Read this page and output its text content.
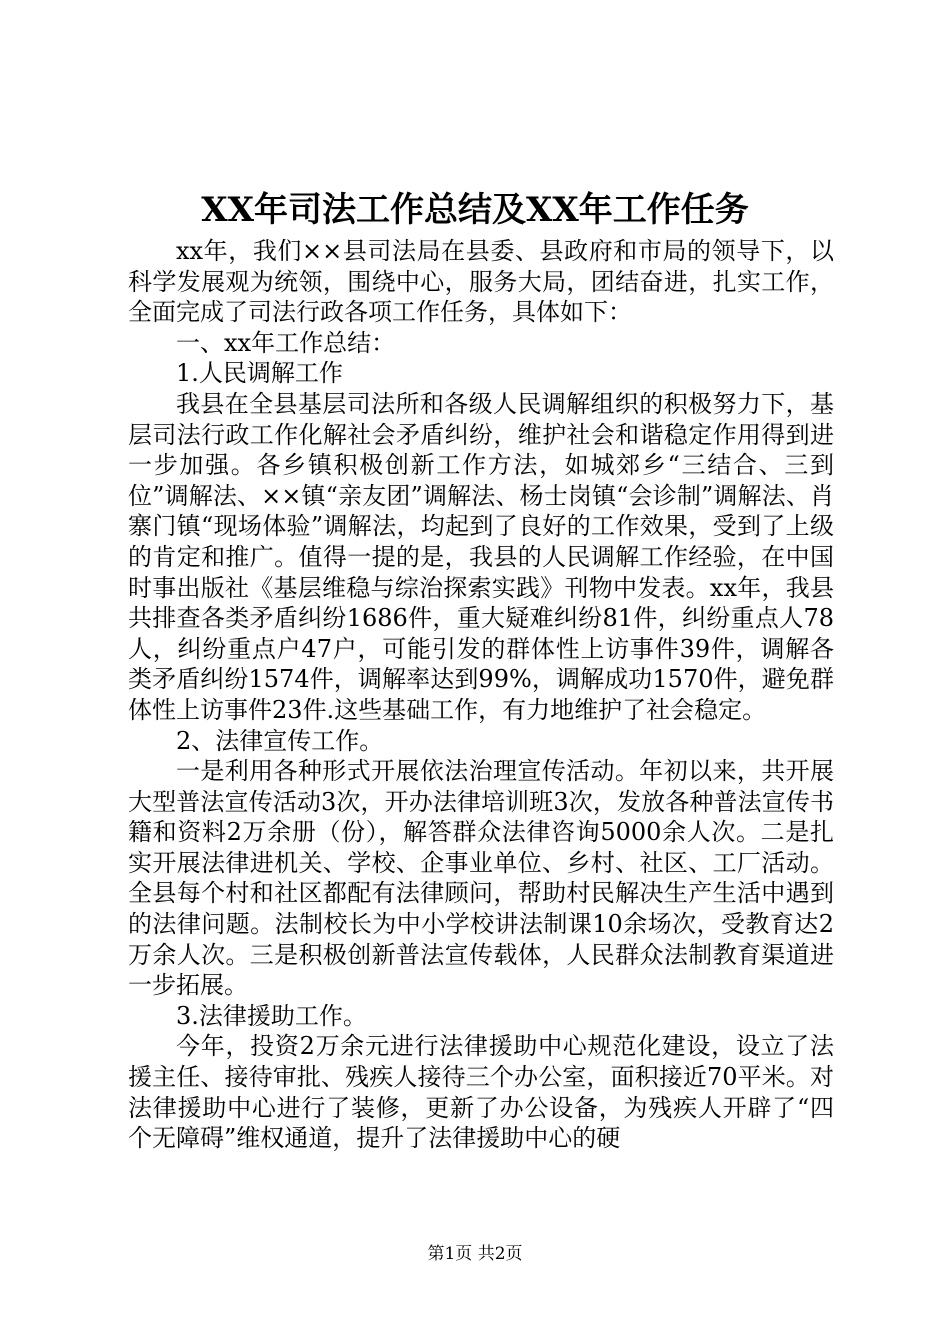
XX年司法工作总结及XX年工作任务

xx年，我们××县司法局在县委、县政府和市局的领导下，以科学发展观为统领，围绕中心，服务大局，团结奋进，扎实工作，全面完成了司法行政各项工作任务，具体如下：

一、xx年工作总结：

1.人民调解工作

我县在全县基层司法所和各级人民调解组织的积极努力下，基层司法行政工作化解社会矛盾纠纷，维护社会和谐稳定作用得到进一步加强。各乡镇积极创新工作方法，如城郊乡“三结合、三到位”调解法、××镇“亲友团”调解法、杨士岗镇“会诊制”调解法、肖寨门镇“现场体验”调解法，均起到了良好的工作效果，受到了上级的肯定和推广。值得一提的是，我县的人民调解工作经验，在中国时事出版社《基层维稳与综治探索实践》刊物中发表。xx年，我县共排查各类矛盾纠纷1686件，重大疑难纠纷81件，纠纷重点人78人，纠纷重点户47户，可能引发的群体性上访事件39件，调解各类矛盾纠纷1574件，调解率达到99%，调解成功1570件，避免群体性上访事件23件.这些基础工作，有力地维护了社会稳定。

2、法律宣传工作。

一是利用各种形式开展依法治理宣传活动。年初以来，共开展大型普法宣传活动3次，开办法律培训班3次，发放各种普法宣传书籍和资料2万余册（份），解答群众法律咨询5000余人次。二是扎实开展法律进机关、学校、企事业单位、乡村、社区、工厂活动。全县每个村和社区都配有法律顾问，帮助村民解决生产生活中遇到的法律问题。法制校长为中小学校讲法制课10余场次，受教育达2万余人次。三是积极创新普法宣传载体，人民群众法制教育渠道进一步拓展。

3.法律援助工作。

今年，投资2万余元进行法律援助中心规范化建设，设立了法援主任、接待审批、残疾人接待三个办公室，面积接近70平米。对法律援助中心进行了装修，更新了办公设备，为残疾人开辟了“四个无障碍”维权通道，提升了法律援助中心的硬

第1页 共2页
